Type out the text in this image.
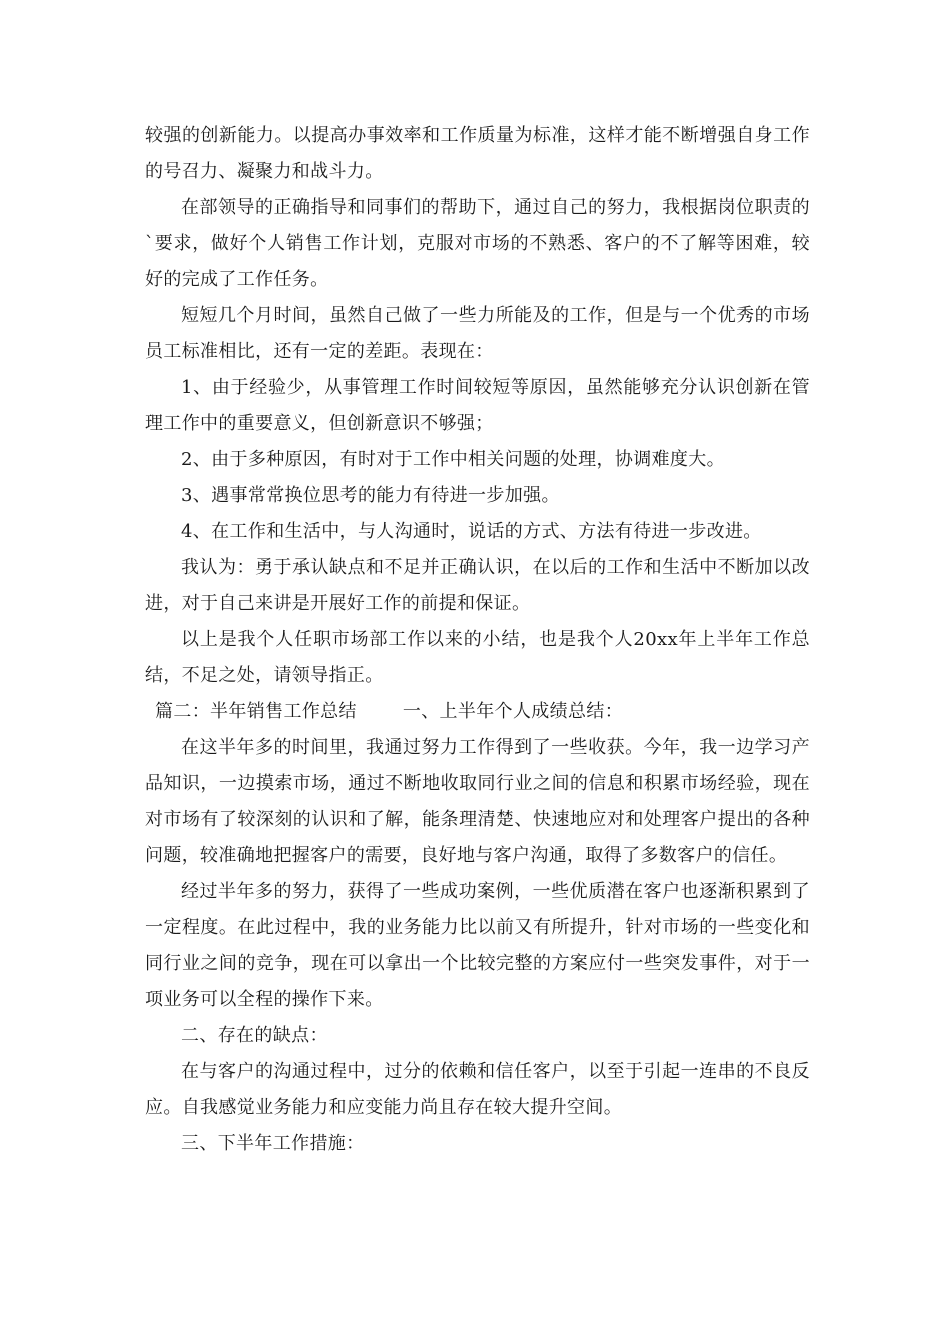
较强的创新能力。以提高办事效率和工作质量为标准，这样才能不断增强自身工作的号召力、凝聚力和战斗力。

在部领导的正确指导和同事们的帮助下，通过自己的努力，我根据岗位职责的`要求，做好个人销售工作计划，克服对市场的不熟悉、客户的不了解等困难，较好的完成了工作任务。

短短几个月时间，虽然自己做了一些力所能及的工作，但是与一个优秀的市场员工标准相比，还有一定的差距。表现在：

1、由于经验少，从事管理工作时间较短等原因，虽然能够充分认识创新在管理工作中的重要意义，但创新意识不够强；

2、由于多种原因，有时对于工作中相关问题的处理，协调难度大。

3、遇事常常换位思考的能力有待进一步加强。

4、在工作和生活中，与人沟通时，说话的方式、方法有待进一步改进。

我认为：勇于承认缺点和不足并正确认识，在以后的工作和生活中不断加以改进，对于自己来讲是开展好工作的前提和保证。

以上是我个人任职市场部工作以来的小结，也是我个人20xx年上半年工作总结，不足之处，请领导指正。

篇二：半年销售工作总结	一、上半年个人成绩总结：

在这半年多的时间里，我通过努力工作得到了一些收获。今年，我一边学习产品知识，一边摸索市场，通过不断地收取同行业之间的信息和积累市场经验，现在对市场有了较深刻的认识和了解，能条理清楚、快速地应对和处理客户提出的各种问题，较准确地把握客户的需要，良好地与客户沟通，取得了多数客户的信任。

经过半年多的努力，获得了一些成功案例，一些优质潜在客户也逐渐积累到了一定程度。在此过程中，我的业务能力比以前又有所提升，针对市场的一些变化和同行业之间的竞争，现在可以拿出一个比较完整的方案应付一些突发事件，对于一项业务可以全程的操作下来。

二、存在的缺点：

在与客户的沟通过程中，过分的依赖和信任客户，以至于引起一连串的不良反应。自我感觉业务能力和应变能力尚且存在较大提升空间。

三、下半年工作措施：
